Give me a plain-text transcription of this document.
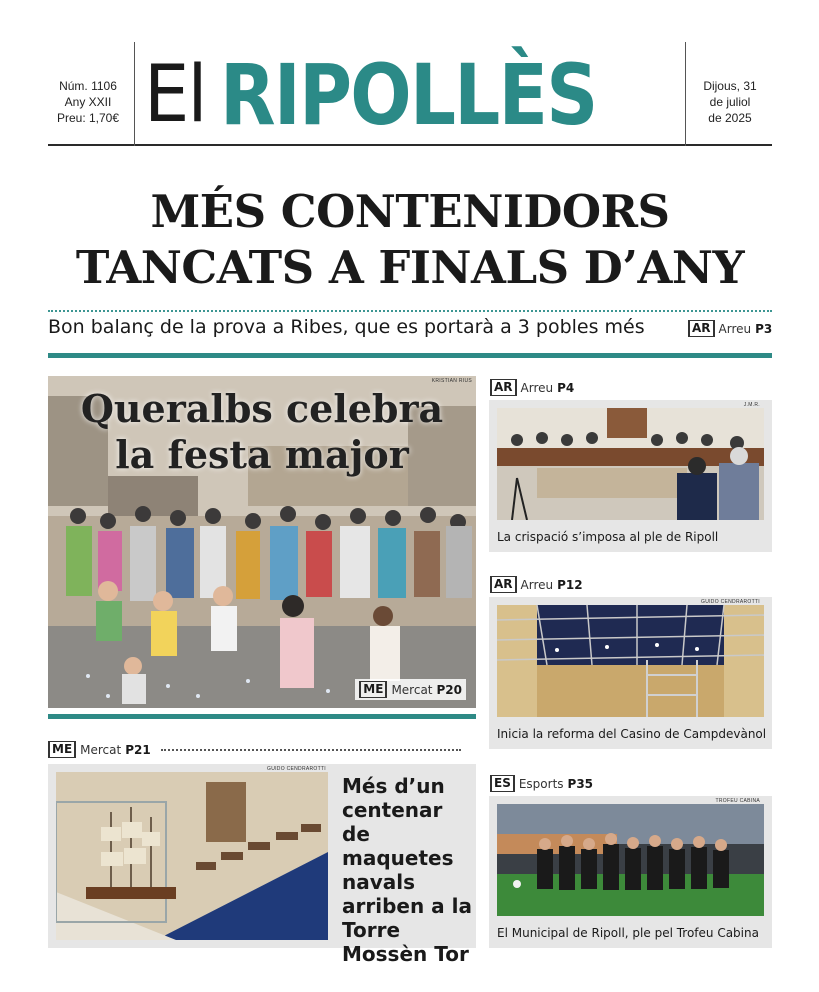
Núm. 1106
Any XXII
Preu: 1,70€ El RIPOLLÈS	Dijous, 31
de juliol
de 2025
MÉS CONTENIDORS
TANCATS A FINALS D’ANY
Bon balanç de la prova a Ribes, que es portarà a 3 pobles més	AR Arreu P3
KRISTIAN RIUS
Queralbs celebra
la festa major
ME Mercat P20
AR Arreu P4
J.M.R.
La crispació s’imposa al ple de Ripoll
AR Arreu P12
GUIDO CENDRAROTTI
Inicia la reforma del Casino de Campdevànol
ES Esports P35
TROFEU CABINA
El Municipal de Ripoll, ple pel Trofeu Cabina
ME Mercat P21
GUIDO CENDRAROTTI
Més d’un centenar de maquetes navals arriben a la Torre Mossèn Tor
